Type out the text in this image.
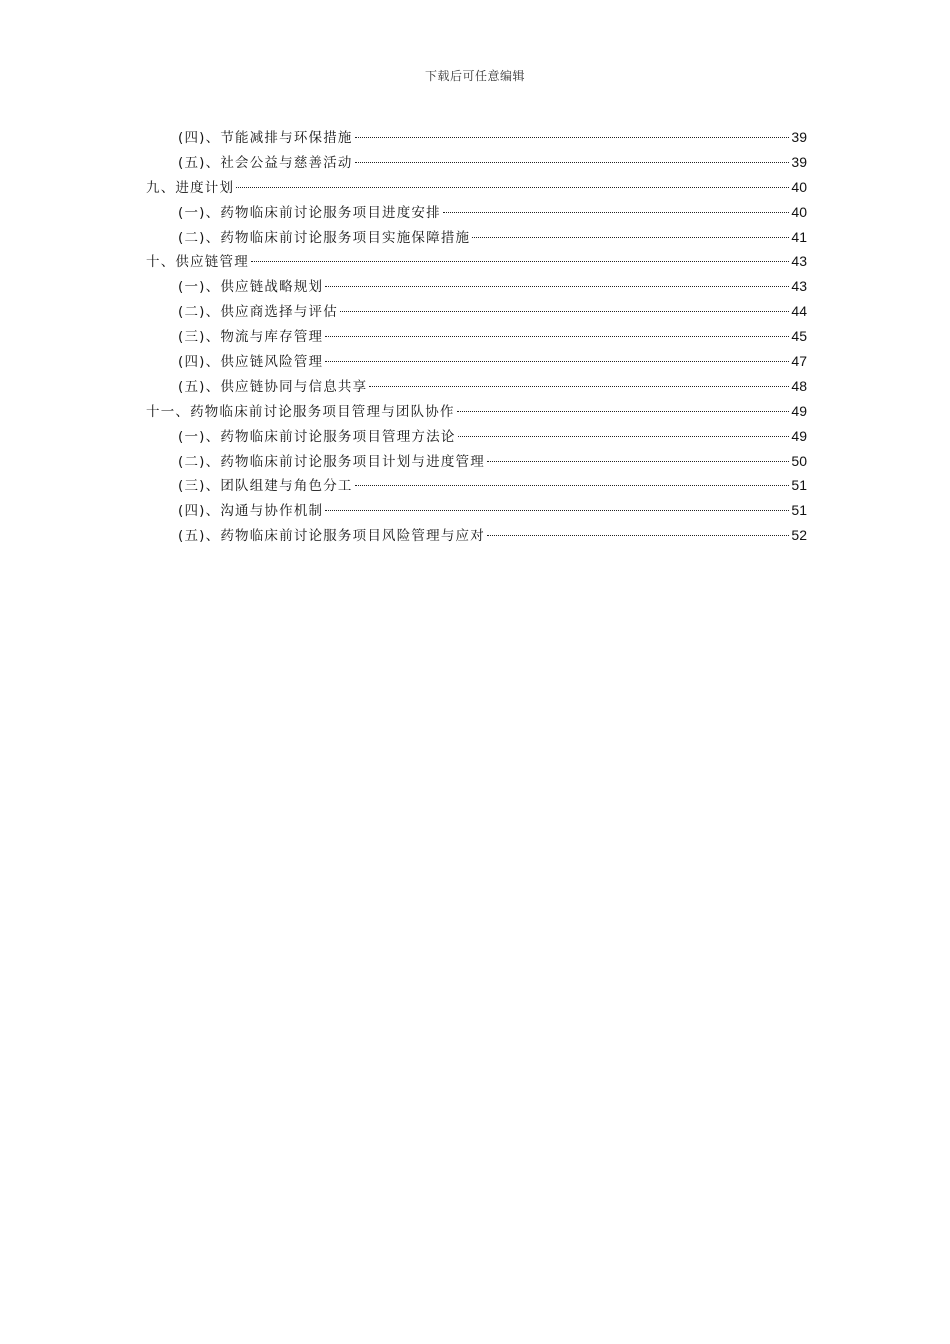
下载后可任意编辑
(四)、节能减排与环保措施	39
(五)、社会公益与慈善活动	39
九、进度计划	40
(一)、药物临床前讨论服务项目进度安排	40
(二)、药物临床前讨论服务项目实施保障措施	41
十、供应链管理	43
(一)、供应链战略规划	43
(二)、供应商选择与评估	44
(三)、物流与库存管理	45
(四)、供应链风险管理	47
(五)、供应链协同与信息共享	48
十一、药物临床前讨论服务项目管理与团队协作	49
(一)、药物临床前讨论服务项目管理方法论	49
(二)、药物临床前讨论服务项目计划与进度管理	50
(三)、团队组建与角色分工	51
(四)、沟通与协作机制	51
(五)、药物临床前讨论服务项目风险管理与应对	52
